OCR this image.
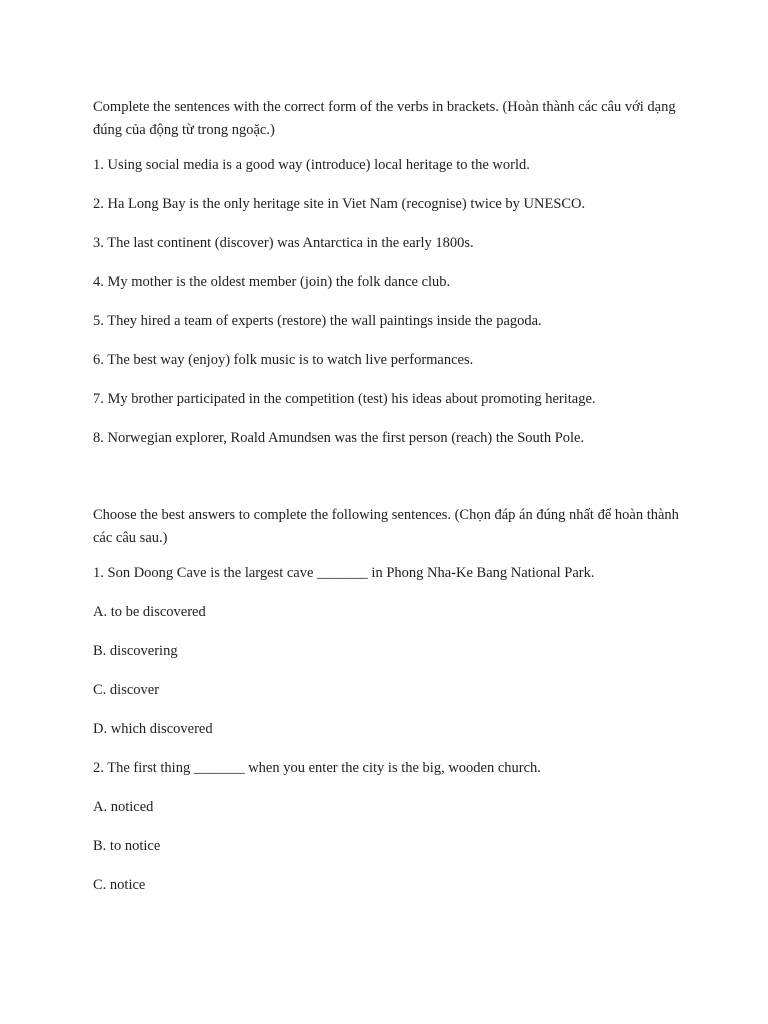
Complete the sentences with the correct form of the verbs in brackets. (Hoàn thành các câu với dạng đúng của động từ trong ngoặc.)

1. Using social media is a good way (introduce) local heritage to the world.

2. Ha Long Bay is the only heritage site in Viet Nam (recognise) twice by UNESCO.

3. The last continent (discover) was Antarctica in the early 1800s.

4. My mother is the oldest member (join) the folk dance club.

5. They hired a team of experts (restore) the wall paintings inside the pagoda.

6. The best way (enjoy) folk music is to watch live performances.

7. My brother participated in the competition (test) his ideas about promoting heritage.

8. Norwegian explorer, Roald Amundsen was the first person (reach) the South Pole.

Choose the best answers to complete the following sentences. (Chọn đáp án đúng nhất để hoàn thành các câu sau.)

1. Son Doong Cave is the largest cave _______ in Phong Nha-Ke Bang National Park.

A. to be discovered

B. discovering

C. discover

D. which discovered

2. The first thing _______ when you enter the city is the big, wooden church.

A. noticed

B. to notice

C. notice
